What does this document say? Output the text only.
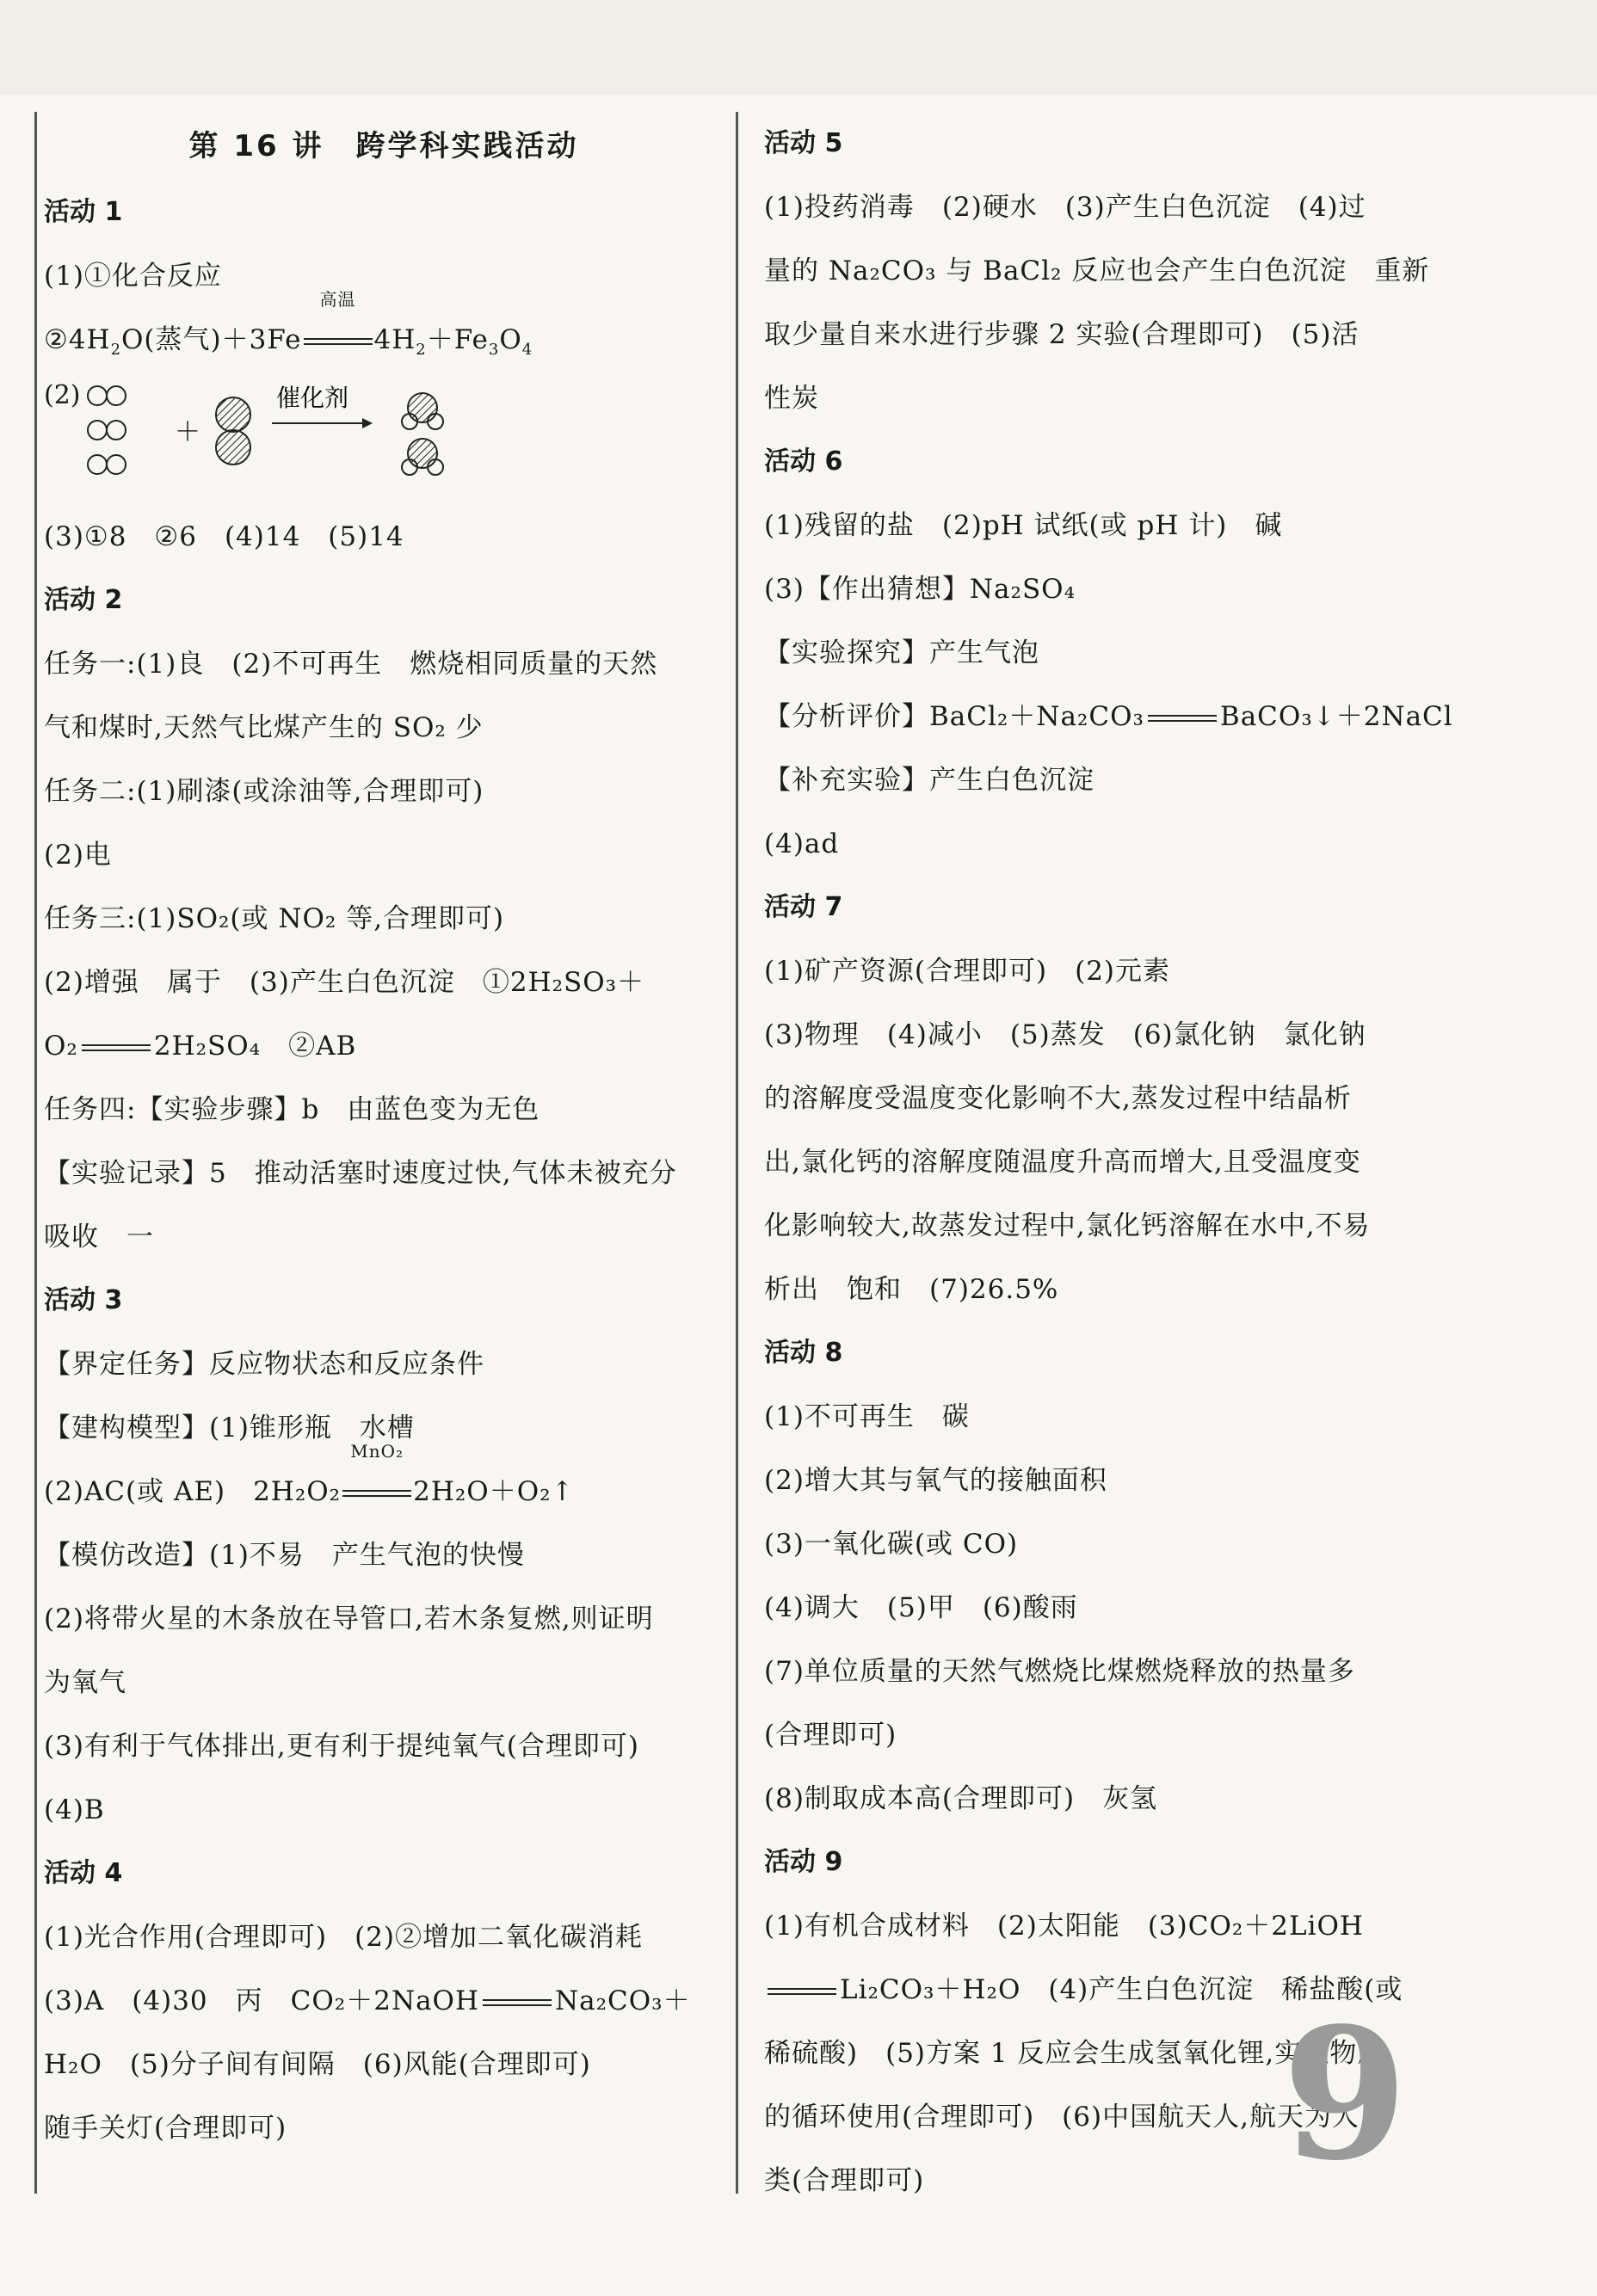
第 16 讲　跨学科实践活动
活动 1
(1)①化合反应
$②4H_2O$(蒸气)＋3Fe
高温
$4H_2+Fe_3O_4$
(2)
＋
催化剂
(3)①8　②6　(4)14　(5)14
活动 2
任务一:(1)良　(2)不可再生　燃烧相同质量的天然
气和煤时,天然气比煤产生的 SO₂ 少
任务二:(1)刷漆(或涂油等,合理即可)
(2)电
任务三:(1)SO₂(或 NO₂ 等,合理即可)
(2)增强　属于　(3)产生白色沉淀　①2H₂SO₃＋
O₂	2H₂SO₄　②AB
任务四:【实验步骤】b　由蓝色变为无色
【实验记录】5　推动活塞时速度过快,气体未被充分
吸收　一
活动 3
【界定任务】反应物状态和反应条件
【建构模型】(1)锥形瓶　水槽
(2)AC(或 AE)　2H₂O₂
MnO₂
2H₂O＋O₂↑
【模仿改造】(1)不易　产生气泡的快慢
(2)将带火星的木条放在导管口,若木条复燃,则证明
为氧气
(3)有利于气体排出,更有利于提纯氧气(合理即可)
(4)B
活动 4
(1)光合作用(合理即可)　(2)②增加二氧化碳消耗
(3)A　(4)30　丙　CO₂＋2NaOH	Na₂CO₃＋
H₂O　(5)分子间有间隔　(6)风能(合理即可)
随手关灯(合理即可)
活动 5
(1)投药消毒　(2)硬水　(3)产生白色沉淀　(4)过
量的 Na₂CO₃ 与 BaCl₂ 反应也会产生白色沉淀　重新
取少量自来水进行步骤 2 实验(合理即可)　(5)活
性炭
活动 6
(1)残留的盐　(2)pH 试纸(或 pH 计)　碱
(3)【作出猜想】Na₂SO₄
【实验探究】产生气泡
【分析评价】BaCl₂＋Na₂CO₃	BaCO₃↓＋2NaCl
【补充实验】产生白色沉淀
(4)ad
活动 7
(1)矿产资源(合理即可)　(2)元素
(3)物理　(4)减小　(5)蒸发　(6)氯化钠　氯化钠
的溶解度受温度变化影响不大,蒸发过程中结晶析
出,氯化钙的溶解度随温度升高而增大,且受温度变
化影响较大,故蒸发过程中,氯化钙溶解在水中,不易
析出　饱和　(7)26.5%
活动 8
(1)不可再生　碳
(2)增大其与氧气的接触面积
(3)一氧化碳(或 CO)
(4)调大　(5)甲　(6)酸雨
(7)单位质量的天然气燃烧比煤燃烧释放的热量多
(合理即可)
(8)制取成本高(合理即可)　灰氢
活动 9
(1)有机合成材料　(2)太阳能　(3)CO₂＋2LiOH
Li₂CO₃＋H₂O　(4)产生白色沉淀　稀盐酸(或
稀硫酸)　(5)方案 1 反应会生成氢氧化锂,实现物质
的循环使用(合理即可)　(6)中国航天人,航天为人
类(合理即可)	9
